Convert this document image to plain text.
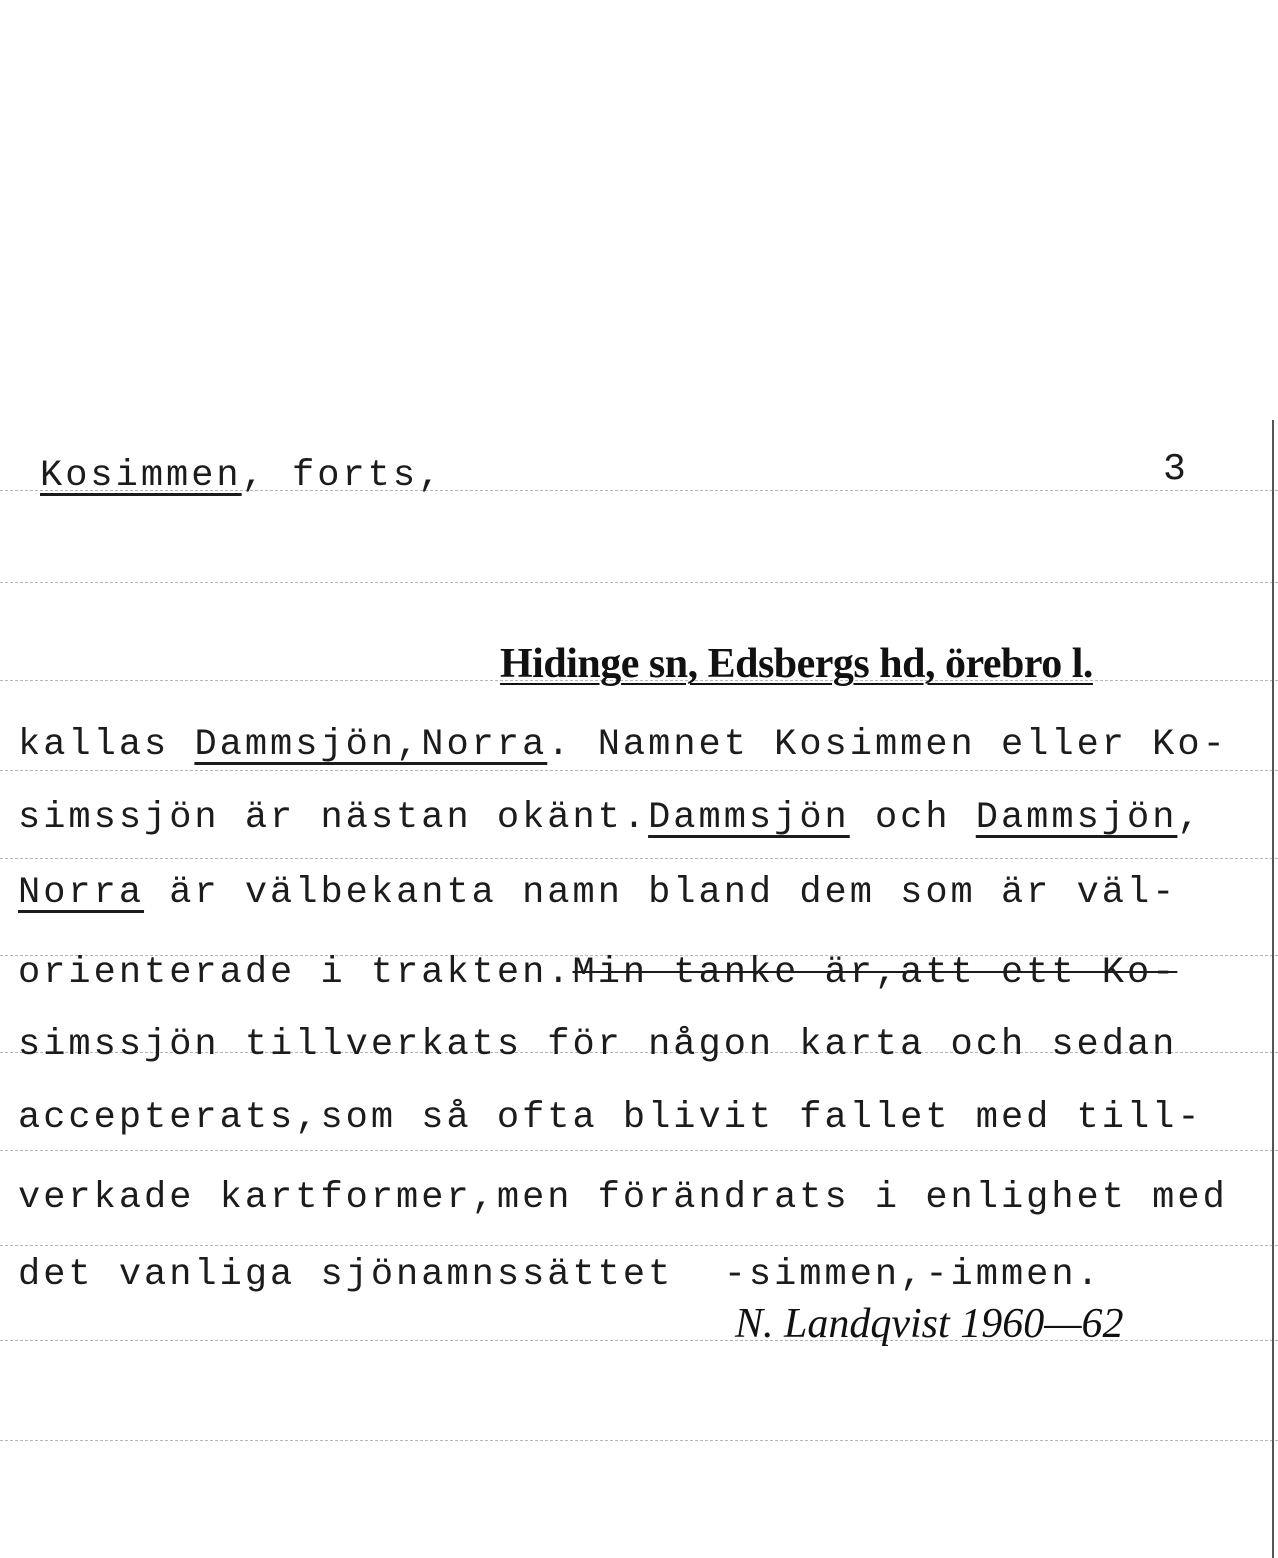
Kosimmen, forts,	3
Hidinge sn, Edsbergs hd, örebro l.
kallas Dammsjön,Norra. Namnet Kosimmen eller Ko-
simssjön är nästan okänt.Dammsjön och Dammsjön,
Norra är välbekanta namn bland dem som är väl-
orienterade i trakten.Min tanke är,att ett Ko-
simssjön tillverkats för någon karta och sedan
accepterats,som så ofta blivit fallet med till-
verkade kartformer,men förändrats i enlighet med
det vanliga sjönamnssättet  -simmen,-immen.
N. Landqvist 1960—62
